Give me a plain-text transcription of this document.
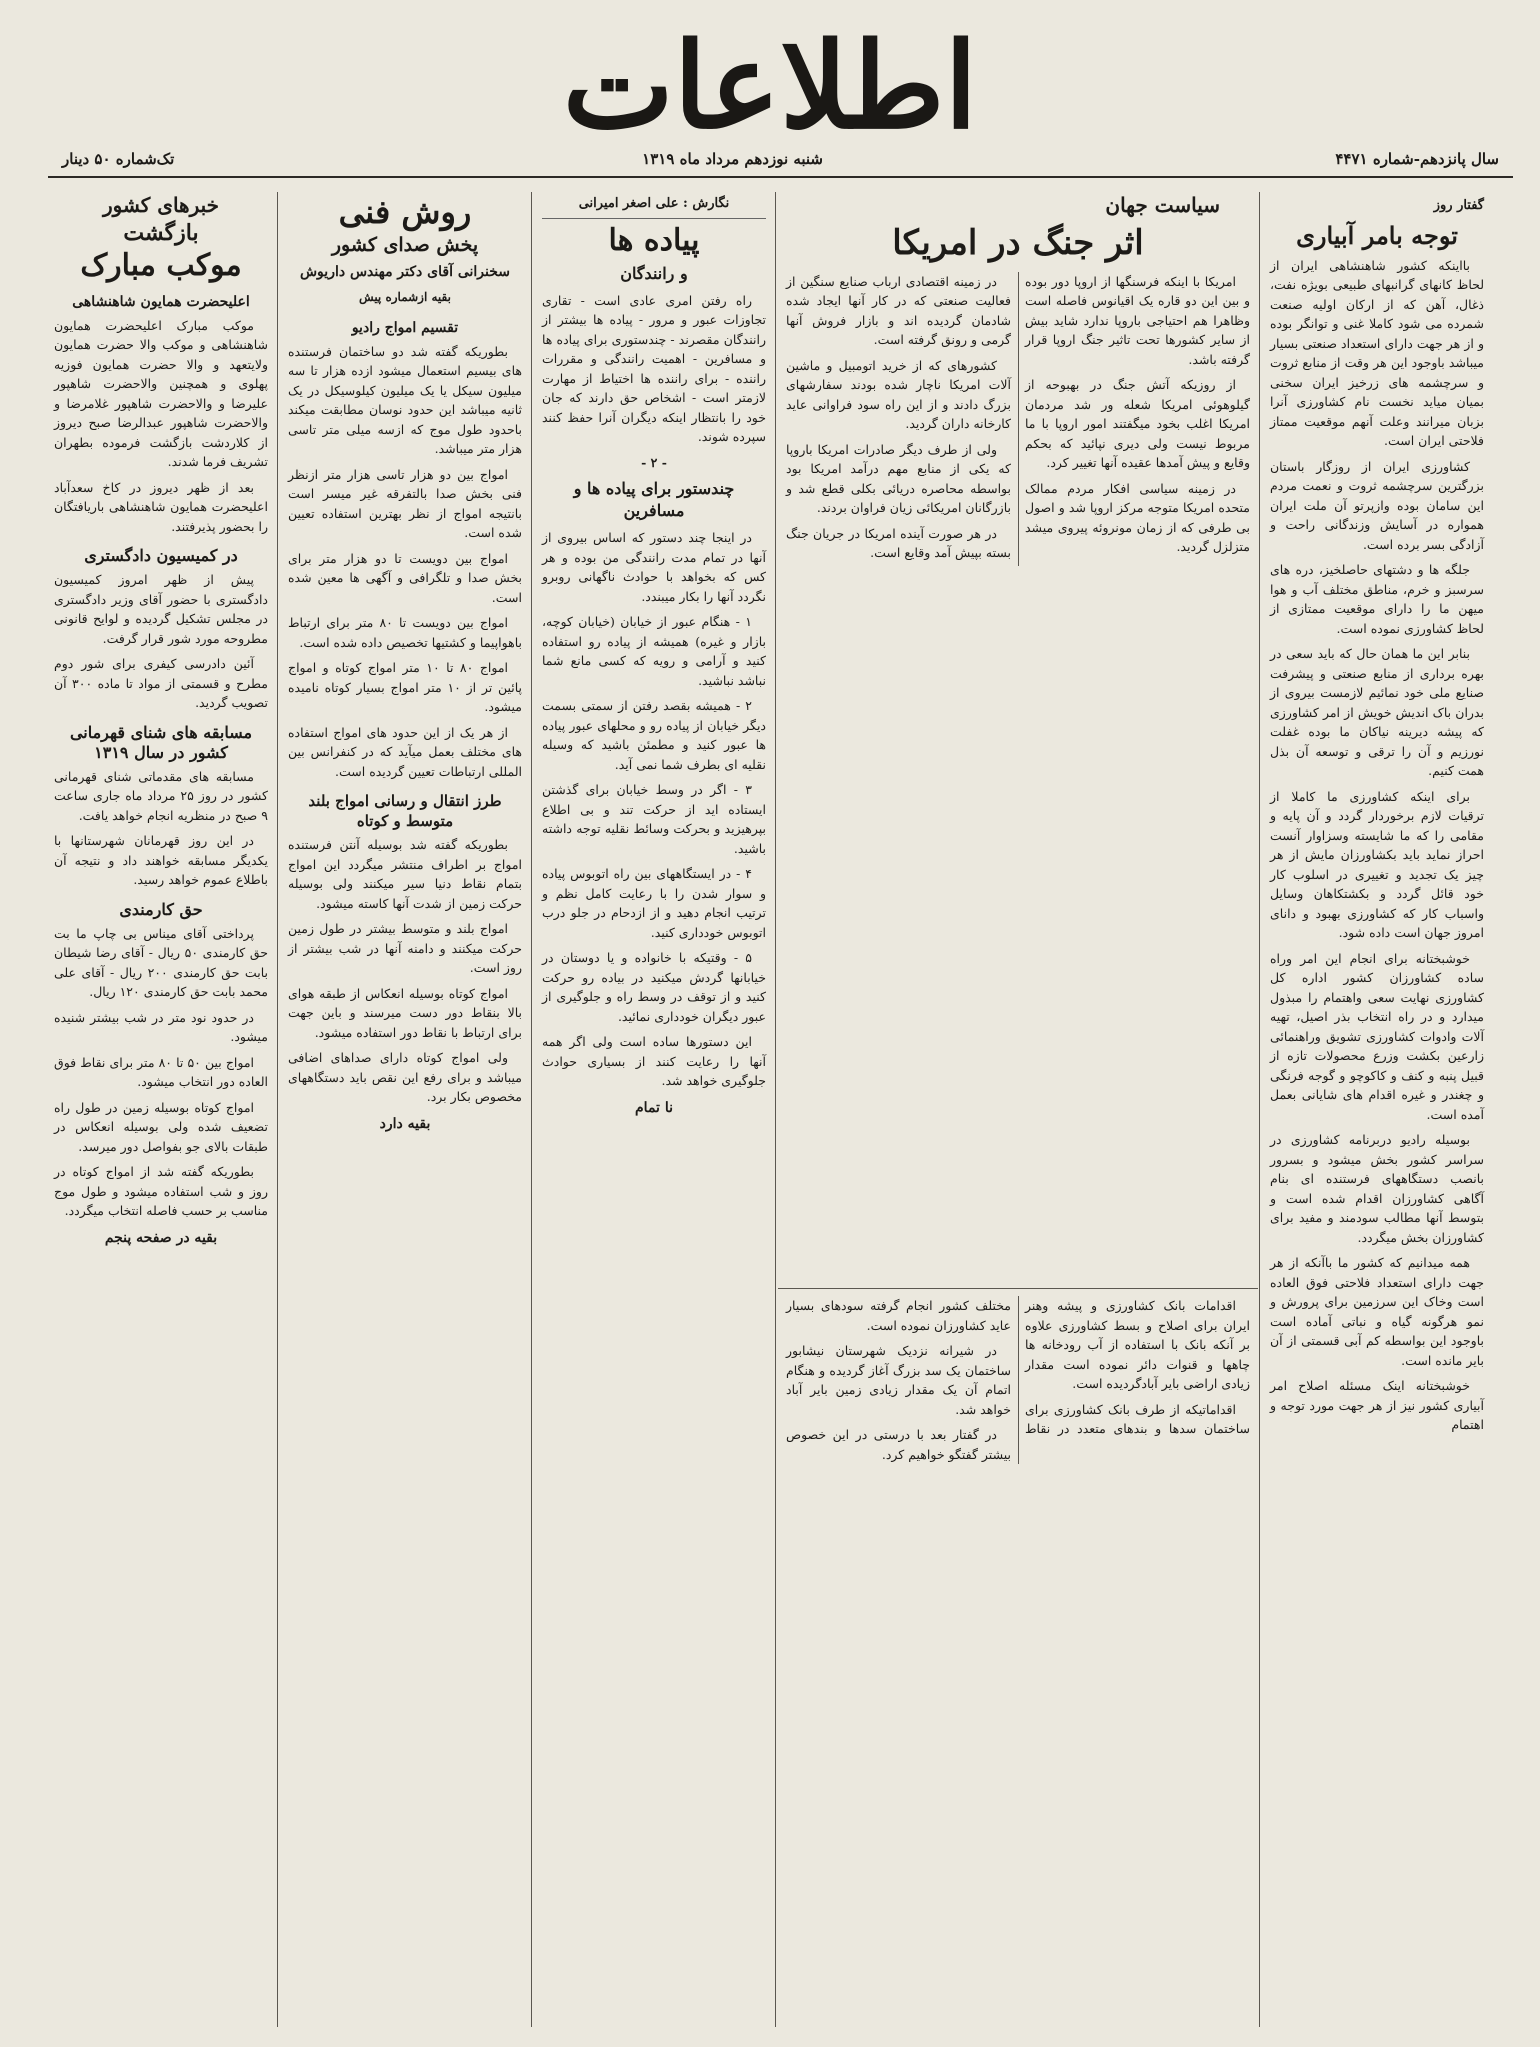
اطلاعات
سال پانزدهم-شماره ۴۴۷۱
شنبه نوزدهم مرداد ماه ۱۳۱۹
تک‌شماره ۵۰ دینار
گفتار روز
توجه بامر آبیاری

بااینکه کشور شاهنشاهی ایران از لحاظ کانهای گرانبهای طبیعی بویژه نفت، ذغال، آهن که از ارکان اولیه صنعت شمرده می شود کاملا غنی و توانگر بوده و از هر جهت دارای استعداد صنعتی بسیار میباشد باوجود این هر وقت از منابع ثروت و سرچشمه های زرخیز ایران سخنی بمیان میاید نخست نام کشاورزی آنرا بزبان میرانند وعلت آنهم موقعیت ممتاز فلاحتی ایران است.

کشاورزی ایران از روزگار باستان بزرگترین سرچشمه ثروت و نعمت مردم این سامان بوده وازپرتو آن ملت ایران همواره در آسایش وزندگانی راحت و آزادگی بسر برده است.

جلگه ها و دشتهای حاصلخیز، دره های سرسبز و خرم، مناطق مختلف آب و هوا میهن ما را دارای موقعیت ممتازی از لحاظ کشاورزی نموده است.

بنابر این ما همان حال که باید سعی در بهره برداری از منابع صنعتی و پیشرفت صنایع ملی خود نمائیم لازمست بیروی از بدران باک اندیش خویش از امر کشاورزی که پیشه دیرینه نیاکان ما بوده غفلت نورزیم و آن را ترقی و توسعه آن بذل همت کنیم.

برای اینکه کشاورزی ما کاملا از ترقیات لازم برخوردار گردد و آن پایه و مقامی را که ما شایسته وسزاوار آنست احراز نماید باید بکشاورزان مایش از هر چیز یک تجدید و تغییری در اسلوب کار خود قائل گردد و بکشتکاهان وسایل واسباب کار که کشاورزی بهبود و دانای امروز جهان است داده شود.

خوشبختانه برای انجام این امر وراه ساده کشاورزان کشور اداره کل کشاورزی نهایت سعی واهتمام را مبذول میدارد و در راه انتخاب بذر اصیل، تهیه آلات وادوات کشاورزی تشویق وراهنمائی زارعین بکشت وزرع محصولات تازه از قبیل پنبه و کنف و کاکوچو و گوجه فرنگی و چغندر و غیره اقدام های شایانی بعمل آمده است.

بوسیله رادیو دربرنامه کشاورزی در سراسر کشور بخش میشود و بسرور بانصب دستگاههای فرستنده ای بنام آگاهی کشاورزان اقدام شده است و بتوسط آنها مطالب سودمند و مفید برای کشاورزان بخش میگردد.

همه میدانیم که کشور ما باآنکه از هر جهت دارای استعداد فلاحتی فوق العاده است وخاک این سرزمین برای پرورش و نمو هرگونه گیاه و نباتی آماده است باوجود این بواسطه کم آبی قسمتی از آن بایر مانده است.

خوشبختانه اینک مسئله اصلاح امر آبیاری کشور نیز از هر جهت مورد توجه و اهتمام

سیاست جهان
اثر جنگ در امریکا

امریکا با اینکه فرسنگها از اروپا دور بوده و بین این دو قاره یک اقیانوس فاصله است وظاهرا هم احتیاجی باروپا ندارد شاید بیش از سایر کشورها تحت تاثیر جنگ اروپا قرار گرفته باشد.

از روزیکه آتش جنگ در بهبوحه از گیلوهوئی امریکا شعله ور شد مردمان امریکا اغلب بخود میگفتند امور اروپا با ما مربوط نیست ولی دیری نپائید که بحکم وقایع و پیش آمدها عقیده آنها تغییر کرد.

در زمینه سیاسی افکار مردم ممالک متحده امریکا متوجه مرکز اروپا شد و اصول بی طرفی که از زمان مونروئه پیروی میشد متزلزل گردید.

در زمینه اقتصادی ارباب صنایع سنگین از فعالیت صنعتی که در کار آنها ایجاد شده شادمان گردیده اند و بازار فروش آنها گرمی و رونق گرفته است.

کشورهای که از خرید اتومبیل و ماشین آلات امریکا ناچار شده بودند سفارشهای بزرگ دادند و از این راه سود فراوانی عاید کارخانه داران گردید.

ولی از طرف دیگر صادرات امریکا باروپا که یکی از منابع مهم درآمد امریکا بود بواسطه محاصره دریائی بکلی قطع شد و بازرگانان امریکائی زیان فراوان بردند.

در هر صورت آینده امریکا در جریان جنگ بسته بپیش آمد وقایع است.

اقدامات بانک کشاورزی و پیشه وهنر ایران برای اصلاح و بسط کشاورزی علاوه بر آنکه بانک با استفاده از آب رودخانه ها چاهها و قنوات دائر نموده است مقدار زیادی اراضی بایر آبادگردیده است.

اقداماتیکه از طرف بانک کشاورزی برای ساختمان سدها و بندهای متعدد در نقاط مختلف کشور انجام گرفته سودهای بسیار عاید کشاورزان نموده است.

در شیرانه نزدیک شهرستان نیشابور ساختمان یک سد بزرگ آغاز گردیده و هنگام اتمام آن یک مقدار زیادی زمین بایر آباد خواهد شد.

در گفتار بعد با درستی در این خصوص بیشتر گفتگو خواهیم کرد.

نگارش : علی اصغر امیرانی
پیاده ها
و رانندگان

راه رفتن امری عادی است - تقاری تجاوزات عبور و مرور - پیاده ها بیشتر از رانندگان مقصرند - چندستوری برای پیاده ها و مسافرین - اهمیت رانندگی و مقررات راننده - برای راننده ها اختیاط از مهارت لازمتر است - اشخاص حق دارند که جان خود را بانتظار اینکه دیگران آنرا حفظ کنند سپرده شوند.

- ۲ -
چندستور برای پیاده ها و مسافرین

در اینجا چند دستور که اساس بیروی از آنها در تمام مدت رانندگی من بوده و هر کس که بخواهد با حوادث ناگهانی روبرو نگردد آنها را بکار میبندد.

۱ - هنگام عبور از خیابان (خیابان کوچه، بازار و غیره) همیشه از پیاده رو استفاده کنید و آرامی و رویه که کسی مانع شما نباشد نباشید.

۲ - همیشه بقصد رفتن از سمتی بسمت دیگر خیابان از پیاده رو و محلهای عبور پیاده ها عبور کنید و مطمئن باشید که وسیله نقلیه ای بطرف شما نمی آید.

۳ - اگر در وسط خیابان برای گذشتن ایستاده اید از حرکت تند و بی اطلاع بپرهیزید و بحرکت وسائط نقلیه توجه داشته باشید.

۴ - در ایستگاههای بین راه اتوبوس پیاده و سوار شدن را با رعایت کامل نظم و ترتیب انجام دهید و از ازدحام در جلو درب اتوبوس خودداری کنید.

۵ - وقتیکه با خانواده و یا دوستان در خیابانها گردش میکنید در بیاده رو حرکت کنید و از توقف در وسط راه و جلوگیری از عبور دیگران خودداری نمائید.

این دستورها ساده است ولی اگر همه آنها را رعایت کنند از بسیاری حوادث جلوگیری خواهد شد.

نا تمام
روش فنی
پخش صدای کشور
سخنرانی آقای دکتر مهندس داریوش
بقیه ازشماره پیش
تقسیم امواج رادیو

بطوریکه گفته شد دو ساختمان فرستنده های بیسیم استعمال میشود ازده هزار تا سه میلیون سیکل یا یک میلیون کیلوسیکل در یک ثانیه میباشد این حدود نوسان مطابقت میکند باحدود طول موج که ازسه میلی متر تاسی هزار متر میباشد.

امواج بین دو هزار تاسی هزار متر ازنظر فنی بخش صدا بالتفرقه غیر میسر است بانتیجه امواج از نظر بهترین استفاده تعیین شده است.

امواج بین دویست تا دو هزار متر برای بخش صدا و تلگرافی و آگهی ها معین شده است.

امواج بین دویست تا ۸۰ متر برای ارتباط باهواپیما و کشتیها تخصیص داده شده است.

امواج ۸۰ تا ۱۰ متر امواج کوتاه و امواج پائین تر از ۱۰ متر امواج بسیار کوتاه نامیده میشود.

از هر یک از این حدود های امواج استفاده های مختلف بعمل میآید که در کنفرانس بین المللی ارتباطات تعیین گردیده است.

طرز انتقال و رسانی امواج بلند متوسط و کوتاه

بطوریکه گفته شد بوسیله آنتن فرستنده امواج بر اطراف منتشر میگردد این امواج بتمام نقاط دنیا سیر میکنند ولی بوسیله حرکت زمین از شدت آنها کاسته میشود.

امواج بلند و متوسط بیشتر در طول زمین حرکت میکنند و دامنه آنها در شب بیشتر از روز است.

امواج کوتاه بوسیله انعکاس از طبقه هوای بالا بنقاط دور دست میرسند و باین جهت برای ارتباط با نقاط دور استفاده میشود.

ولی امواج کوتاه دارای صداهای اضافی میباشد و برای رفع این نقص باید دستگاههای مخصوص بکار برد.

بقیه دارد
خبرهای کشور
بازگشت
موکب مبارک
اعلیحضرت همایون شاهنشاهی

موکب مبارک اعلیحضرت همایون شاهنشاهی و موکب والا حضرت همایون ولایتعهد و والا حضرت همایون فوزیه پهلوی و همچنین والاحضرت شاهپور علیرضا و والاحضرت شاهپور غلامرضا و والاحضرت شاهپور عبدالرضا صبح دیروز از کلاردشت بازگشت فرموده بطهران تشریف فرما شدند.

بعد از ظهر دیروز در کاخ سعدآباد اعلیحضرت همایون شاهنشاهی باریافتگان را بحضور پذیرفتند.

در کمیسیون دادگستری

پیش از ظهر امروز کمیسیون دادگستری با حضور آقای وزیر دادگستری در مجلس تشکیل گردیده و لوایح قانونی مطروحه مورد شور قرار گرفت.

آئین دادرسی کیفری برای شور دوم مطرح و قسمتی از مواد تا ماده ۳۰۰ آن تصویب گردید.

مسابقه های شنای قهرمانی کشور در سال ۱۳۱۹

مسابقه های مقدماتی شنای قهرمانی کشور در روز ۲۵ مرداد ماه جاری ساعت ۹ صبح در منظریه انجام خواهد یافت.

در این روز قهرمانان شهرستانها با یکدیگر مسابقه خواهند داد و نتیجه آن باطلاع عموم خواهد رسید.

حق کارمندی

پرداختی آقای میناس بی چاپ ما بت حق کارمندی ۵۰ ریال - آقای رضا شیطان بابت حق کارمندی ۲۰۰ ریال - آقای علی محمد بابت حق کارمندی ۱۲۰ ریال.

در حدود نود متر در شب بیشتر شنیده میشود.

امواج بین ۵۰ تا ۸۰ متر برای نقاط فوق العاده دور انتخاب میشود.

امواج کوتاه بوسیله زمین در طول راه تضعیف شده ولی بوسیله انعکاس در طبقات بالای جو بفواصل دور میرسد.

بطوریکه گفته شد از امواج کوتاه در روز و شب استفاده میشود و طول موج مناسب بر حسب فاصله انتخاب میگردد.

بقیه در صفحه پنجم
